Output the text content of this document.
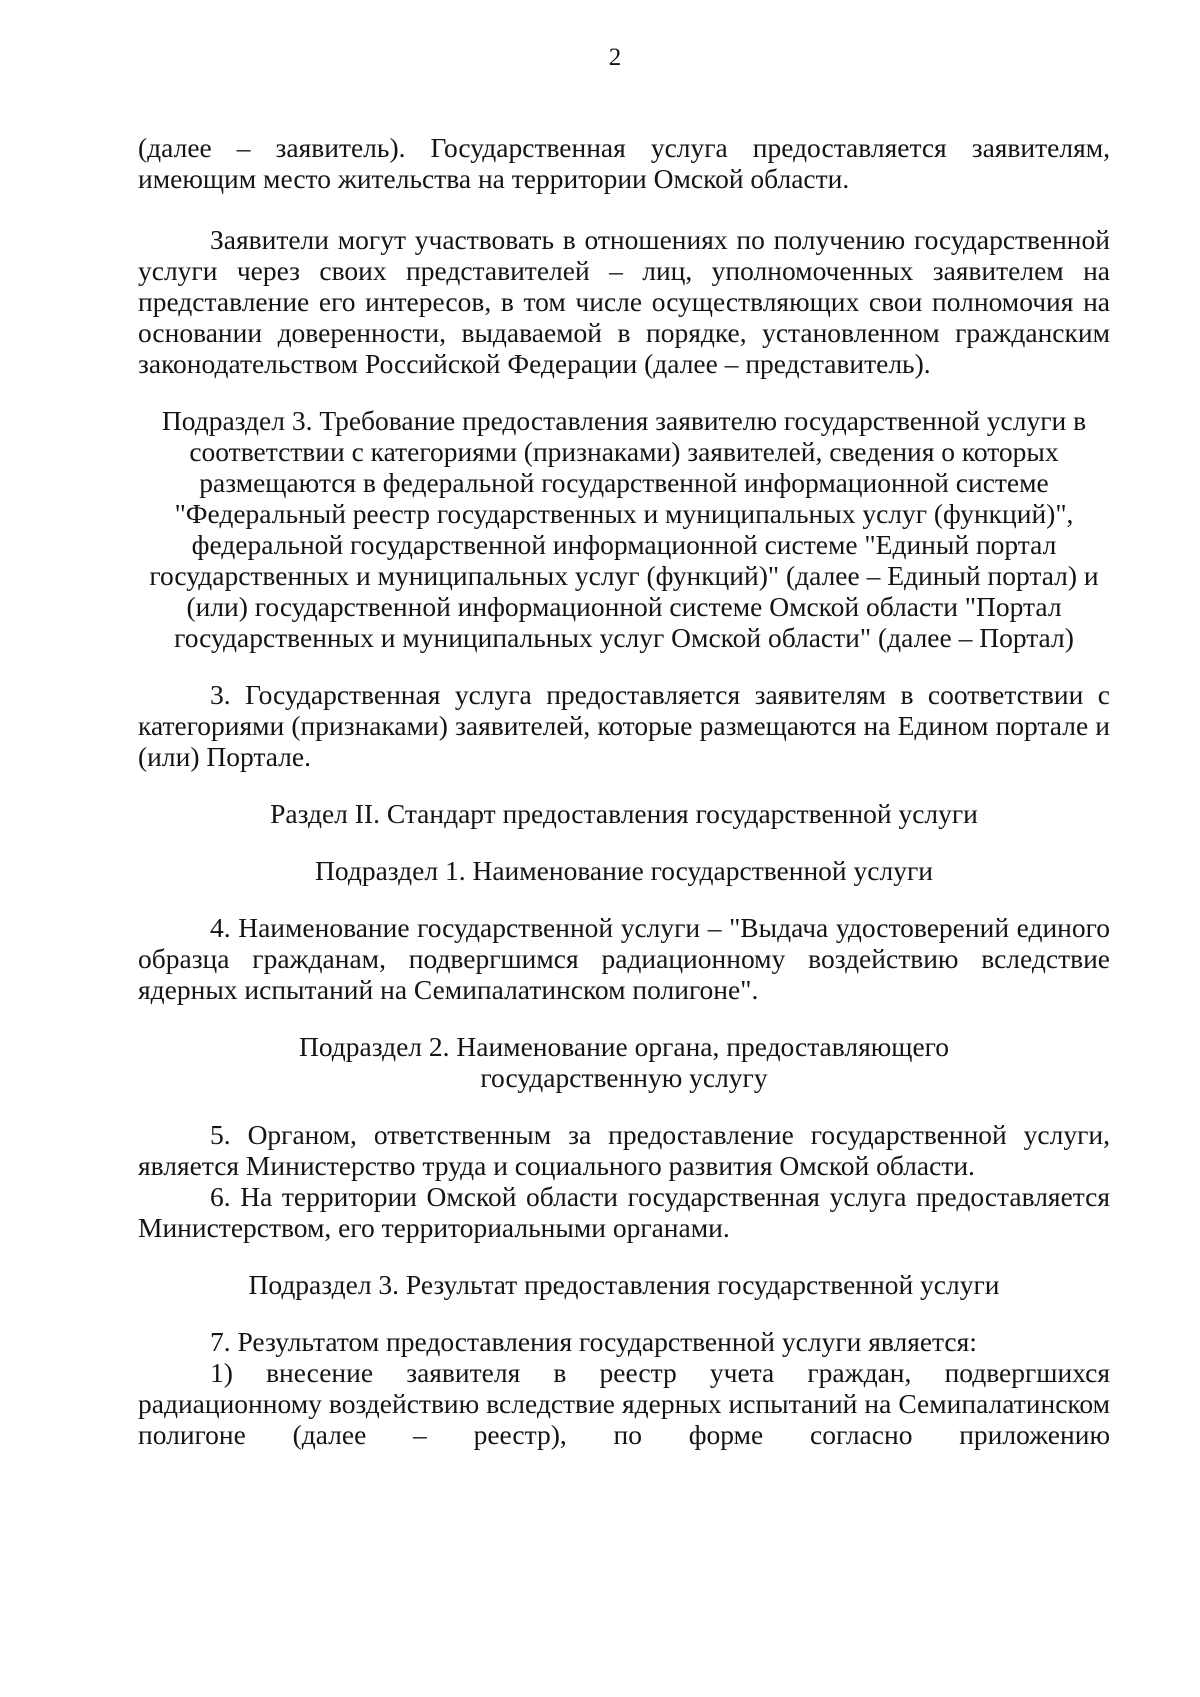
2

(далее – заявитель). Государственная услуга предоставляется заявителям, имеющим место жительства на территории Омской области.

Заявители могут участвовать в отношениях по получению государственной услуги через своих представителей – лиц, уполномоченных заявителем на представление его интересов, в том числе осуществляющих свои полномочия на основании доверенности, выдаваемой в порядке, установленном гражданским законодательством Российской Федерации (далее – представитель).

Подраздел 3. Требование предоставления заявителю государственной услуги в соответствии с категориями (признаками) заявителей, сведения о которых размещаются в федеральной государственной информационной системе "Федеральный реестр государственных и муниципальных услуг (функций)", федеральной государственной информационной системе "Единый портал государственных и муниципальных услуг (функций)" (далее – Единый портал) и (или) государственной информационной системе Омской области "Портал государственных и муниципальных услуг Омской области" (далее – Портал)

3. Государственная услуга предоставляется заявителям в соответствии с категориями (признаками) заявителей, которые размещаются на Едином портале и (или) Портале.

Раздел II. Стандарт предоставления государственной услуги

Подраздел 1. Наименование государственной услуги

4. Наименование государственной услуги – "Выдача удостоверений единого образца гражданам, подвергшимся радиационному воздействию вследствие ядерных испытаний на Семипалатинском полигоне".

Подраздел 2. Наименование органа, предоставляющего

государственную услугу

5. Органом, ответственным за предоставление государственной услуги, является Министерство труда и социального развития Омской области.

6. На территории Омской области государственная услуга предоставляется Министерством, его территориальными органами.

Подраздел 3. Результат предоставления государственной услуги

7. Результатом предоставления государственной услуги является:

1) внесение заявителя в реестр учета граждан, подвергшихся радиационному воздействию вследствие ядерных испытаний на Семипалатинском полигоне (далее – реестр), по форме согласно приложению
